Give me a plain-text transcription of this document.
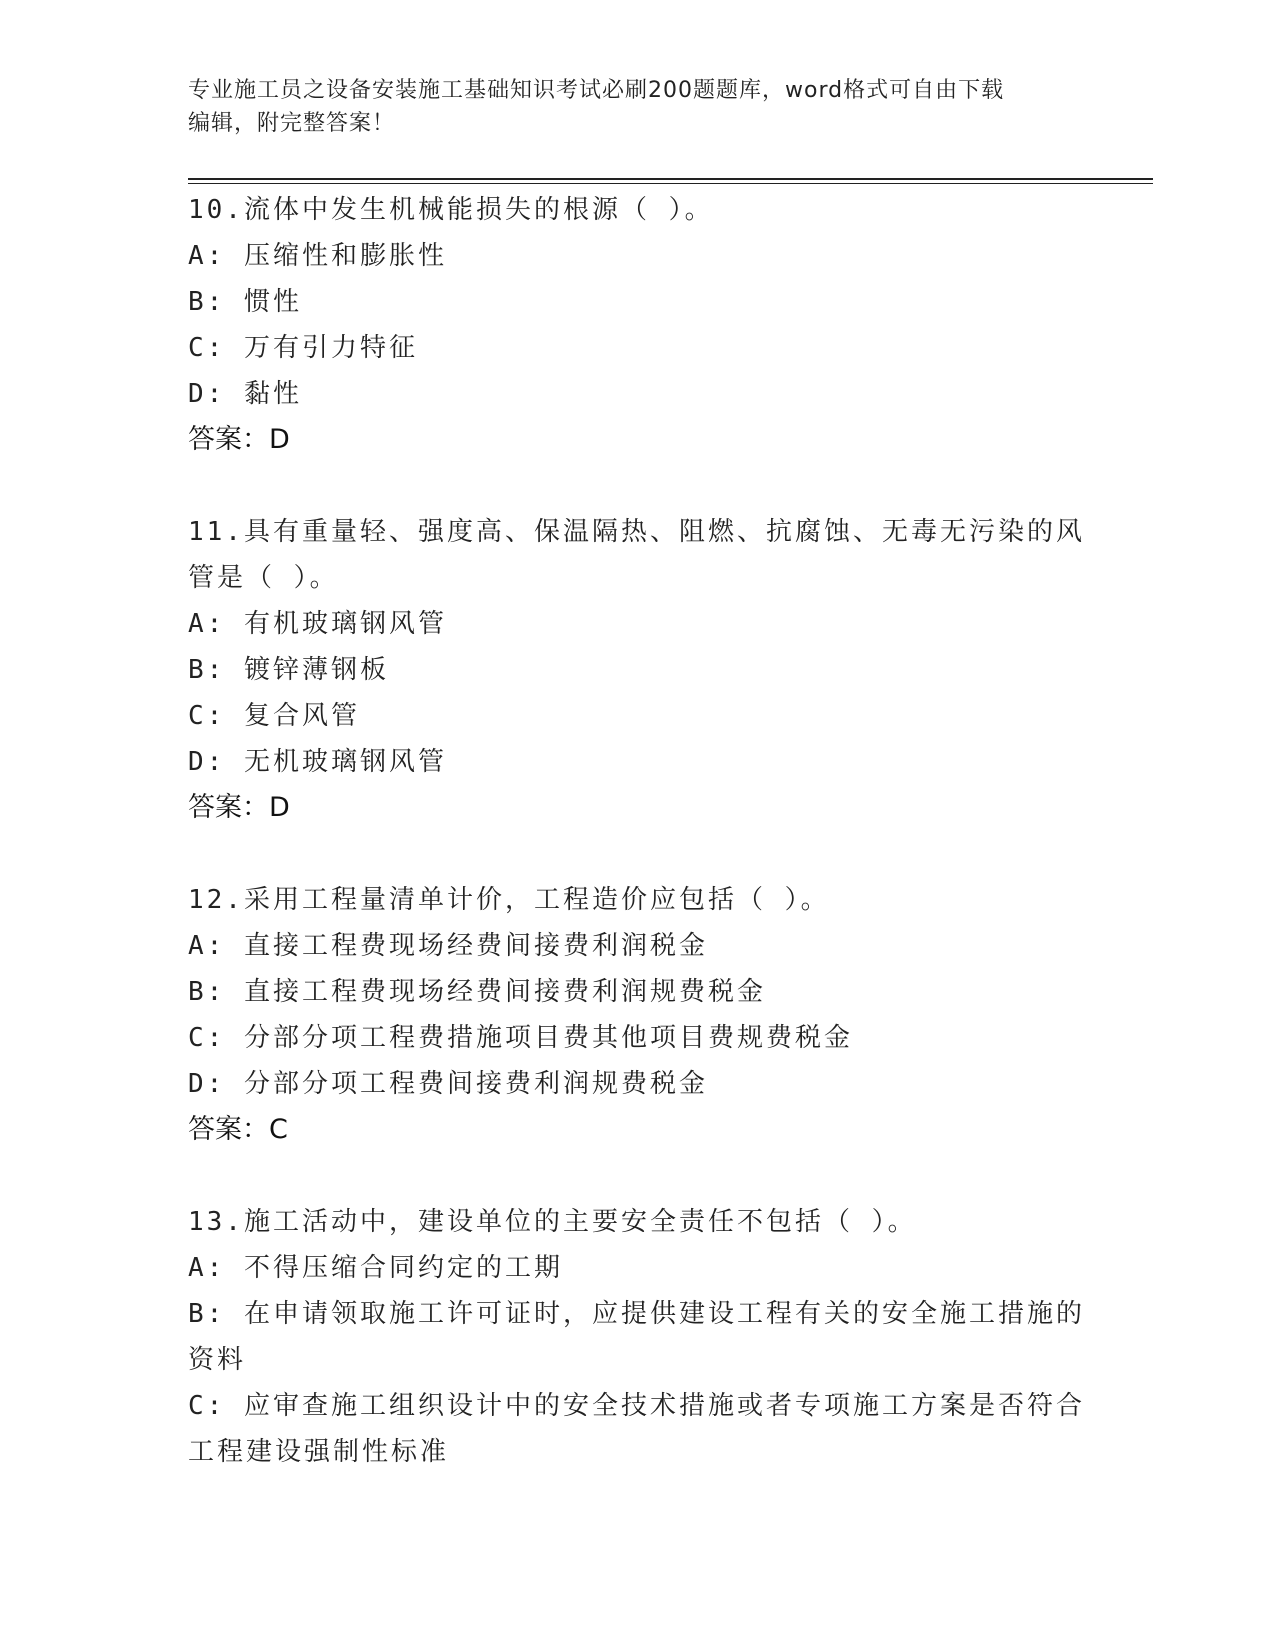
专业施工员之设备安装施工基础知识考试必刷200题题库，word格式可自由下载
编辑，附完整答案！

10.流体中发生机械能损失的根源（ ）。

A: 压缩性和膨胀性

B: 惯性

C: 万有引力特征

D: 黏性

答案：D

11.具有重量轻、强度高、保温隔热、阻燃、抗腐蚀、无毒无污染的风

管是（ ）。

A: 有机玻璃钢风管

B: 镀锌薄钢板

C: 复合风管

D: 无机玻璃钢风管

答案：D

12.采用工程量清单计价，工程造价应包括（ ）。

A: 直接工程费现场经费间接费利润税金

B: 直接工程费现场经费间接费利润规费税金

C: 分部分项工程费措施项目费其他项目费规费税金

D: 分部分项工程费间接费利润规费税金

答案：C

13.施工活动中，建设单位的主要安全责任不包括（ ）。

A: 不得压缩合同约定的工期

B: 在申请领取施工许可证时，应提供建设工程有关的安全施工措施的

资料

C: 应审查施工组织设计中的安全技术措施或者专项施工方案是否符合

工程建设强制性标准
